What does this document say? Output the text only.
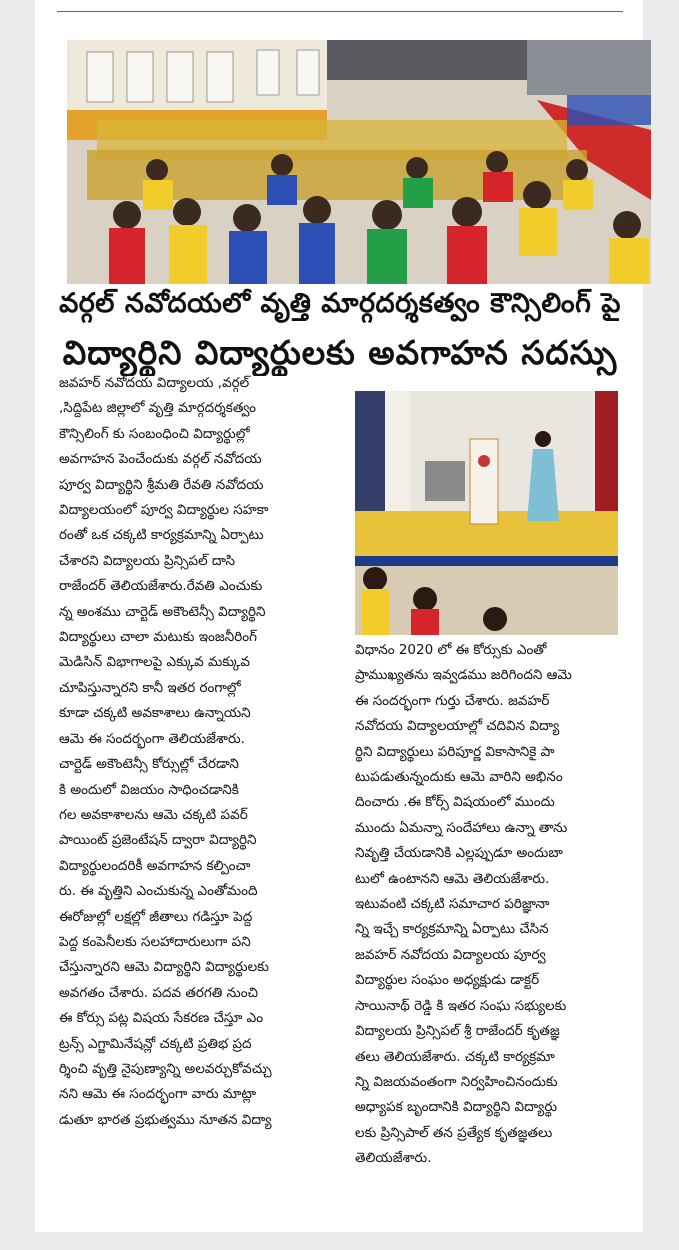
వర్గల్ నవోదయలో వృత్తి మార్గదర్శకత్వం కౌన్సిలింగ్ పై
విద్యార్థిని విద్యార్థులకు అవగాహన సదస్సు
జవహర్ నవోదయ విద్యాలయ ,వర్గల్
,సిద్దిపేట జిల్లాలో వృత్తి మార్గదర్శకత్వం
కౌన్సిలింగ్ కు సంబంధించి విద్యార్థుల్లో
అవగాహన పెంచేందుకు వర్గల్ నవోదయ
పూర్వ విద్యార్థిని శ్రీమతి రేవతి నవోదయ
విద్యాలయంలో పూర్వ విద్యార్థుల సహకా
రంతో ఒక చక్కటి కార్యక్రమాన్ని ఏర్పాటు
చేశారని విద్యాలయ ప్రిన్సిపల్ దాసి
రాజేందర్ తెలియజేశారు.రేవతి ఎంచుకు
న్న అంశము చార్టెడ్ అకౌంటెన్సీ విద్యార్థిని
విద్యార్థులు చాలా మటుకు ఇంజనీరింగ్
మెడిసిన్ విభాగాలపై ఎక్కువ మక్కువ
చూపిస్తున్నారని కానీ ఇతర రంగాల్లో
కూడా చక్కటి అవకాశాలు ఉన్నాయని
ఆమె ఈ సందర్భంగా తెలియజేశారు.
చార్టెడ్ అకౌంటెన్సీ కోర్సుల్లో చేరడాని
కి అందులో విజయం సాధించడానికి
గల అవకాశాలను ఆమె చక్కటి పవర్
పాయింట్ ప్రజెంటేషన్ ద్వారా విద్యార్థిని
విద్యార్థులందరికీ అవగాహన కల్పించా
రు. ఈ వృత్తిని ఎంచుకున్న ఎంతోమంది
ఈరోజుల్లో లక్షల్లో జీతాలు గడిస్తూ పెద్ద
పెద్ద కంపెనీలకు సలహాదారులుగా పని
చేస్తున్నారని ఆమె విద్యార్థిని విద్యార్థులకు
అవగతం చేశారు. పదవ తరగతి నుంచి
ఈ కోర్సు పట్ల విషయ సేకరణ చేస్తూ ఎం
ట్రన్స్ ఎగ్జామినేషన్లో చక్కటి ప్రతిభ ప్రద
ర్శించి వృత్తి నైపుణ్యాన్ని అలవర్చుకోవచ్చు
నని ఆమె ఈ సందర్భంగా వారు మాట్లా
డుతూ భారత ప్రభుత్వము నూతన విద్యా
విధానం 2020 లో ఈ కోర్సుకు ఎంతో
ప్రాముఖ్యతను ఇవ్వడము జరిగిందని ఆమె
ఈ సందర్భంగా గుర్తు చేశారు. జవహర్
నవోదయ విద్యాలయాల్లో చదివిన విద్యా
ర్థిని విద్యార్థులు పరిపూర్ణ వికాసానికై పా
టుపడుతున్నందుకు ఆమె వారిని అభినం
దించారు .ఈ కోర్స్ విషయంలో ముందు
ముందు ఏమన్నా సందేహాలు ఉన్నా తాను
నివృత్తి చేయడానికి ఎల్లప్పుడూ అందుబా
టులో ఉంటానని ఆమె తెలియజేశారు.
ఇటువంటి చక్కటి సమాచార పరిజ్ఞానా
న్ని ఇచ్చే కార్యక్రమాన్ని ఏర్పాటు చేసిన
జవహర్ నవోదయ విద్యాలయ పూర్వ
విద్యార్థుల సంఘం అధ్యక్షుడు డాక్టర్
సాయినాథ్ రెడ్డి కి ఇతర సంఘ సభ్యులకు
విద్యాలయ ప్రిన్సిపల్ శ్రీ రాజేందర్ కృతజ్ఞ
తలు తెలియజేశారు. చక్కటి కార్యక్రమా
న్ని విజయవంతంగా నిర్వహించినందుకు
అధ్యాపక బృందానికి విద్యార్థిని విద్యార్థు
లకు ప్రిన్సిపాల్ తన ప్రత్యేక కృతజ్ఞతలు
తెలియజేశారు.
